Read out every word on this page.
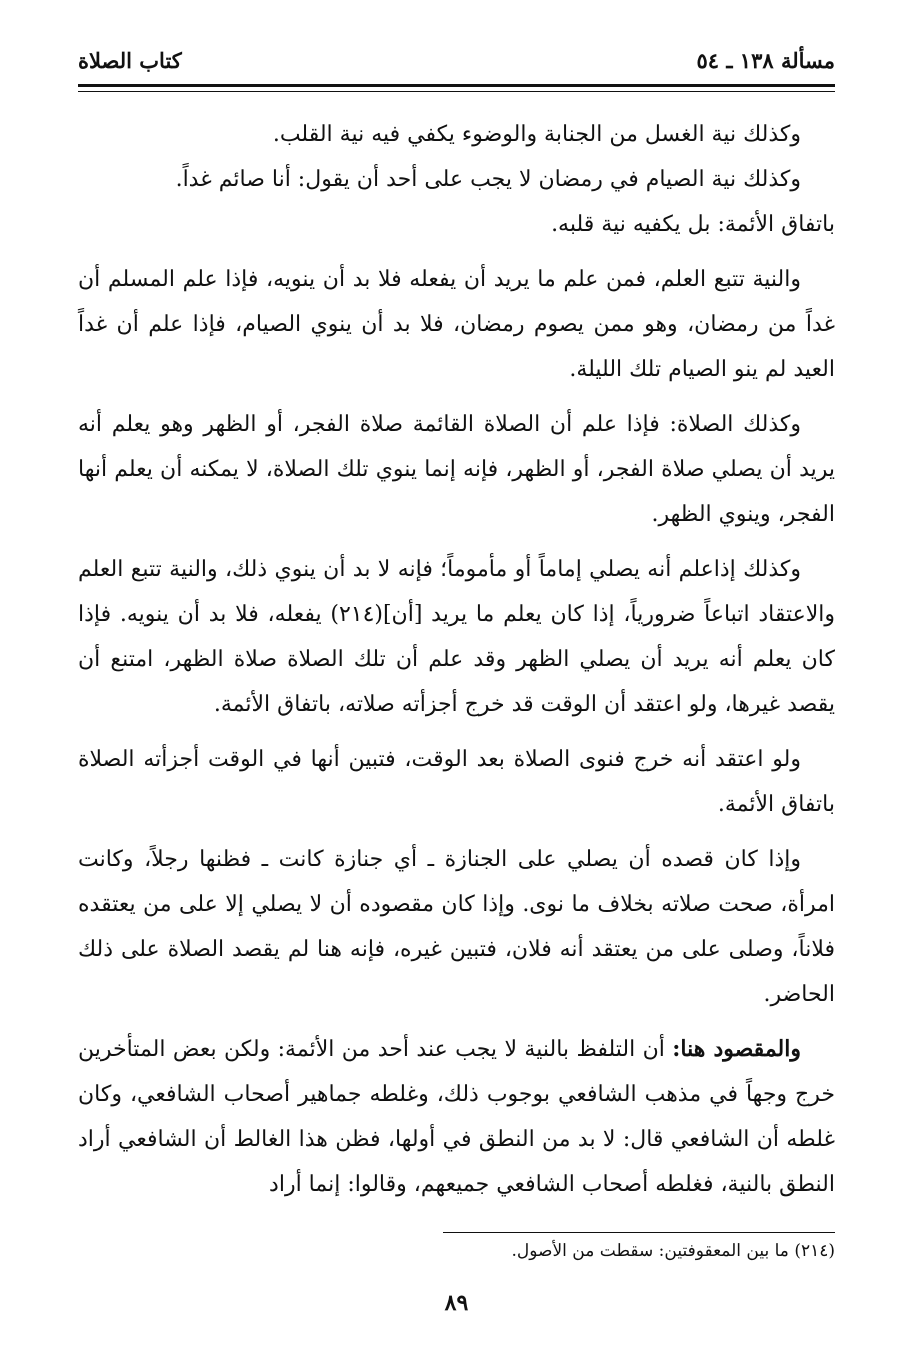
مسألة ١٣٨ ـ ٥٤
كتاب الصلاة

وكذلك نية الغسل من الجنابة والوضوء يكفي فيه نية القلب.

وكذلك نية الصيام في رمضان لا يجب على أحد أن يقول: أنا صائم غداً.

باتفاق الأئمة: بل يكفيه نية قلبه.

والنية تتبع العلم، فمن علم ما يريد أن يفعله فلا بد أن ينويه، فإذا علم المسلم أن غداً من رمضان، وهو ممن يصوم رمضان، فلا بد أن ينوي الصيام، فإذا علم أن غداً العيد لم ينو الصيام تلك الليلة.

وكذلك الصلاة: فإذا علم أن الصلاة القائمة صلاة الفجر، أو الظهر وهو يعلم أنه يريد أن يصلي صلاة الفجر، أو الظهر، فإنه إنما ينوي تلك الصلاة، لا يمكنه أن يعلم أنها الفجر، وينوي الظهر.

وكذلك إذاعلم أنه يصلي إماماً أو مأموماً؛ فإنه لا بد أن ينوي ذلك، والنية تتبع العلم والاعتقاد اتباعاً ضرورياً، إذا كان يعلم ما يريد [أن](٢١٤) يفعله، فلا بد أن ينويه. فإذا كان يعلم أنه يريد أن يصلي الظهر وقد علم أن تلك الصلاة صلاة الظهر، امتنع أن يقصد غيرها، ولو اعتقد أن الوقت قد خرج أجزأته صلاته، باتفاق الأئمة.

ولو اعتقد أنه خرج فنوى الصلاة بعد الوقت، فتبين أنها في الوقت أجزأته الصلاة باتفاق الأئمة.

وإذا كان قصده أن يصلي على الجنازة ـ أي جنازة كانت ـ فظنها رجلاً، وكانت امرأة، صحت صلاته بخلاف ما نوى. وإذا كان مقصوده أن لا يصلي إلا على من يعتقده فلاناً، وصلى على من يعتقد أنه فلان، فتبين غيره، فإنه هنا لم يقصد الصلاة على ذلك الحاضر.

والمقصود هنا: أن التلفظ بالنية لا يجب عند أحد من الأئمة: ولكن بعض المتأخرين خرج وجهاً في مذهب الشافعي بوجوب ذلك، وغلطه جماهير أصحاب الشافعي، وكان غلطه أن الشافعي قال: لا بد من النطق في أولها، فظن هذا الغالط أن الشافعي أراد النطق بالنية، فغلطه أصحاب الشافعي جميعهم، وقالوا: إنما أراد

(٢١٤) ما بين المعقوفتين: سقطت من الأصول.
٨٩
